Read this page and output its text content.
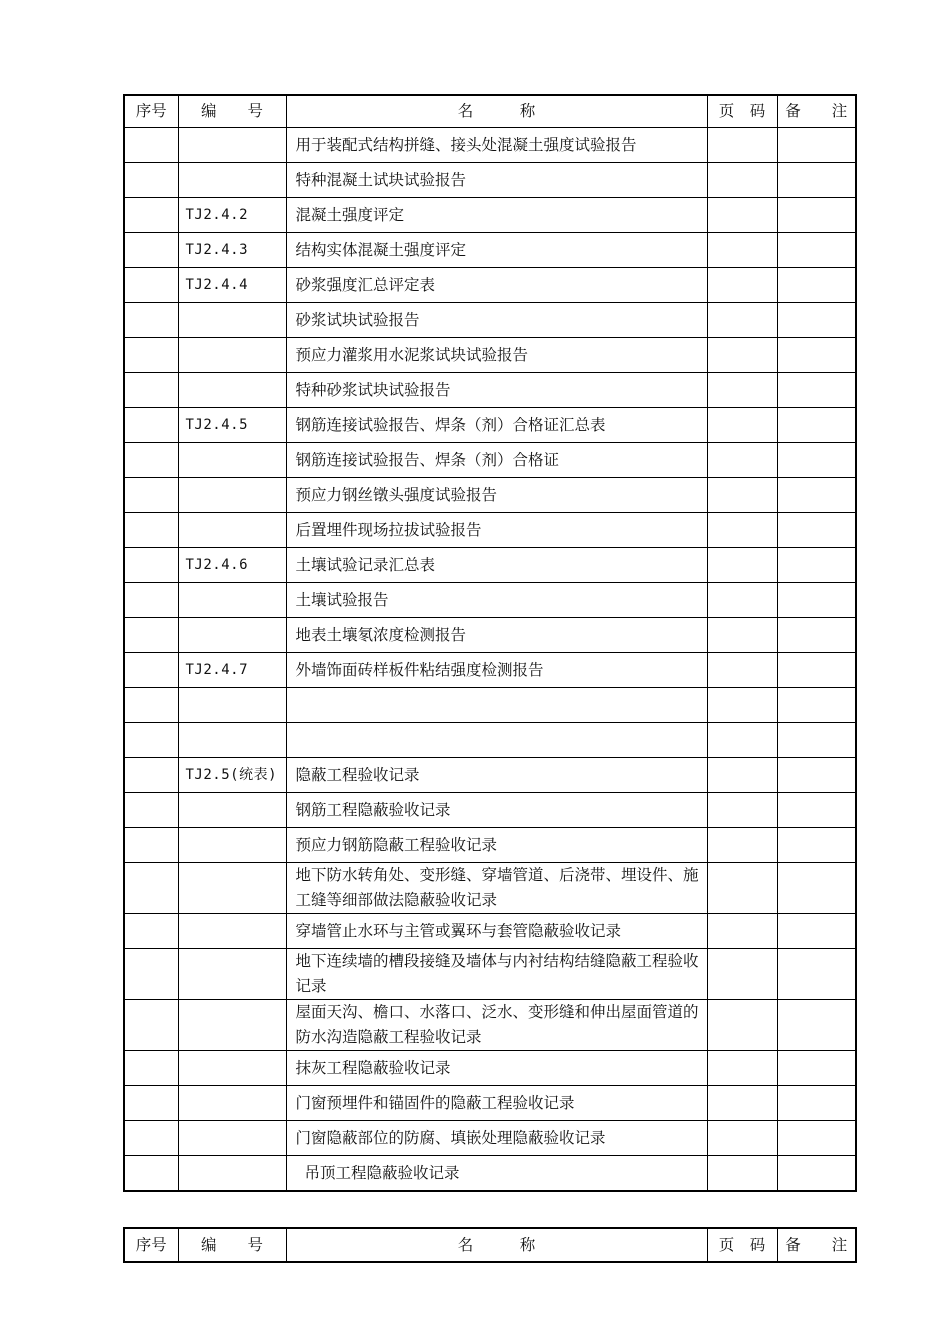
序号	编　　号	名　　　称	页　码	备　　注
		用于装配式结构拼缝、接头处混凝土强度试验报告		
		特种混凝土试块试验报告		
	TJ2.4.2	混凝土强度评定		
	TJ2.4.3	结构实体混凝土强度评定		
	TJ2.4.4	砂浆强度汇总评定表		
		砂浆试块试验报告		
		预应力灌浆用水泥浆试块试验报告		
		特种砂浆试块试验报告		
	TJ2.4.5	钢筋连接试验报告、焊条（剂）合格证汇总表		
		钢筋连接试验报告、焊条（剂）合格证		
		预应力钢丝镦头强度试验报告		
		后置埋件现场拉拔试验报告		
	TJ2.4.6	土壤试验记录汇总表		
		土壤试验报告		
		地表土壤氡浓度检测报告		
	TJ2.4.7	外墙饰面砖样板件粘结强度检测报告		

	TJ2.5(统表)	隐蔽工程验收记录		
		钢筋工程隐蔽验收记录		
		预应力钢筋隐蔽工程验收记录		
		地下防水转角处、变形缝、穿墙管道、后浇带、埋设件、施工缝等细部做法隐蔽验收记录		
		穿墙管止水环与主管或翼环与套管隐蔽验收记录		
		地下连续墙的槽段接缝及墙体与内衬结构结缝隐蔽工程验收记录		
		屋面天沟、檐口、水落口、泛水、变形缝和伸出屋面管道的防水沟造隐蔽工程验收记录		
		抹灰工程隐蔽验收记录		
		门窗预埋件和锚固件的隐蔽工程验收记录		
		门窗隐蔽部位的防腐、填嵌处理隐蔽验收记录		
		吊顶工程隐蔽验收记录		
序号	编　　号	名　　　称	页　码	备　　注
